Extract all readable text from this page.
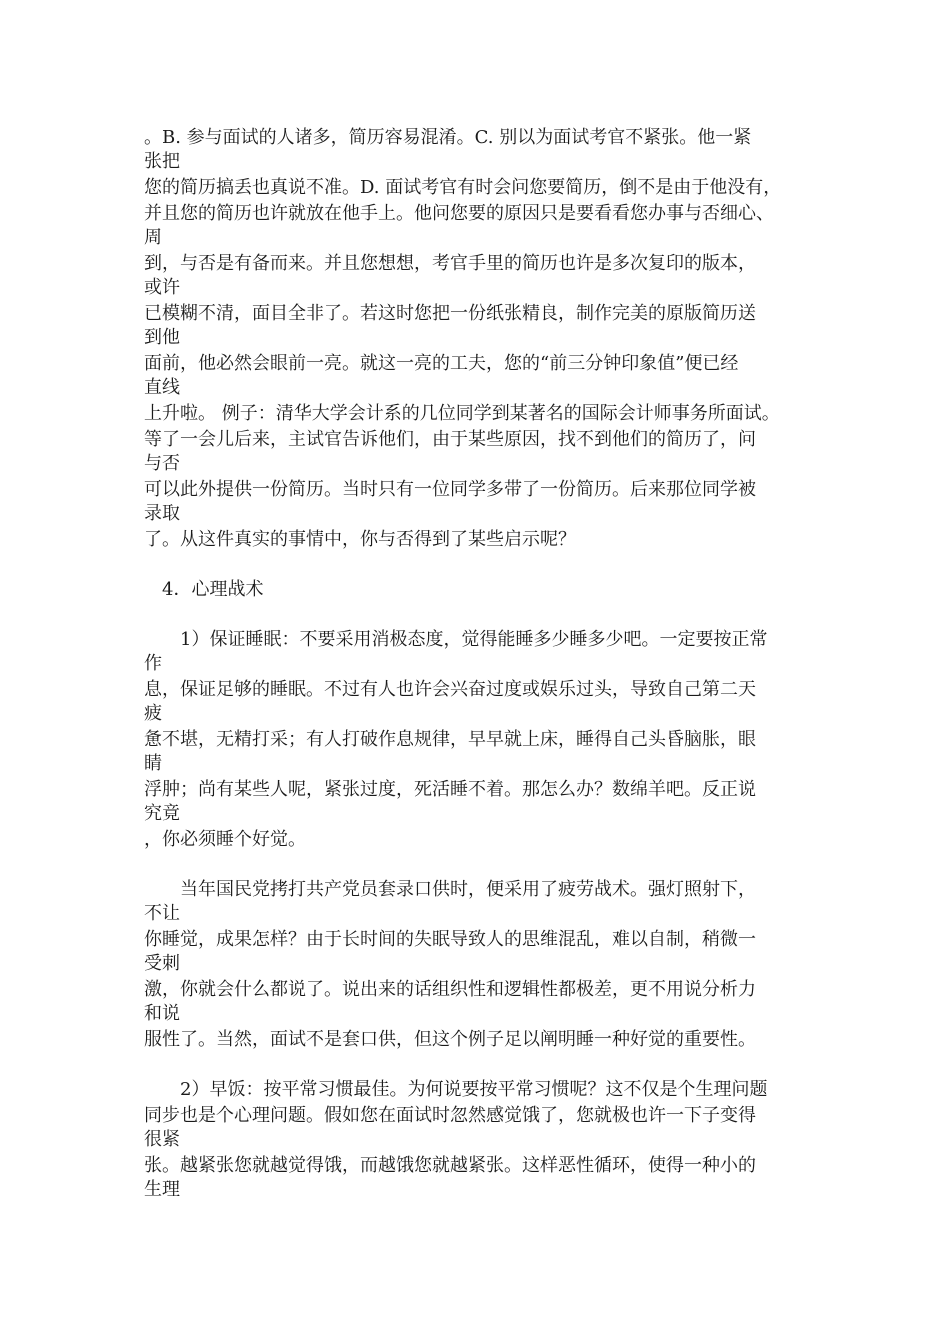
。B. 参与面试的人诸多，简历容易混淆。C. 别以为面试考官不紧张。他一紧
张把
您的简历搞丢也真说不准。D. 面试考官有时会问您要简历，倒不是由于他没有，
并且您的简历也许就放在他手上。他问您要的原因只是要看看您办事与否细心、
周
到，与否是有备而来。并且您想想，考官手里的简历也许是多次复印的版本，
或许
已模糊不清，面目全非了。若这时您把一份纸张精良，制作完美的原版简历送
到他
面前，他必然会眼前一亮。就这一亮的工夫，您的“前三分钟印象值”便已经
直线
上升啦。 例子：清华大学会计系的几位同学到某著名的国际会计师事务所面试。
等了一会儿后来，主试官告诉他们，由于某些原因，找不到他们的简历了，问
与否
可以此外提供一份简历。当时只有一位同学多带了一份简历。后来那位同学被
录取
了。从这件真实的事情中，你与否得到了某些启示呢？
4．心理战术
1）保证睡眠：不要采用消极态度，觉得能睡多少睡多少吧。一定要按正常
作
息，保证足够的睡眠。不过有人也许会兴奋过度或娱乐过头，导致自己第二天
疲
惫不堪，无精打采；有人打破作息规律，早早就上床，睡得自己头昏脑胀，眼
睛
浮肿；尚有某些人呢，紧张过度，死活睡不着。那怎么办？数绵羊吧。反正说
究竟
，你必须睡个好觉。
当年国民党拷打共产党员套录口供时，便采用了疲劳战术。强灯照射下，
不让
你睡觉，成果怎样？由于长时间的失眠导致人的思维混乱，难以自制，稍微一
受刺
激，你就会什么都说了。说出来的话组织性和逻辑性都极差，更不用说分析力
和说
服性了。当然，面试不是套口供，但这个例子足以阐明睡一种好觉的重要性。
2）早饭：按平常习惯最佳。为何说要按平常习惯呢？这不仅是个生理问题
同步也是个心理问题。假如您在面试时忽然感觉饿了，您就极也许一下子变得
很紧
张。越紧张您就越觉得饿，而越饿您就越紧张。这样恶性循环，使得一种小的
生理
